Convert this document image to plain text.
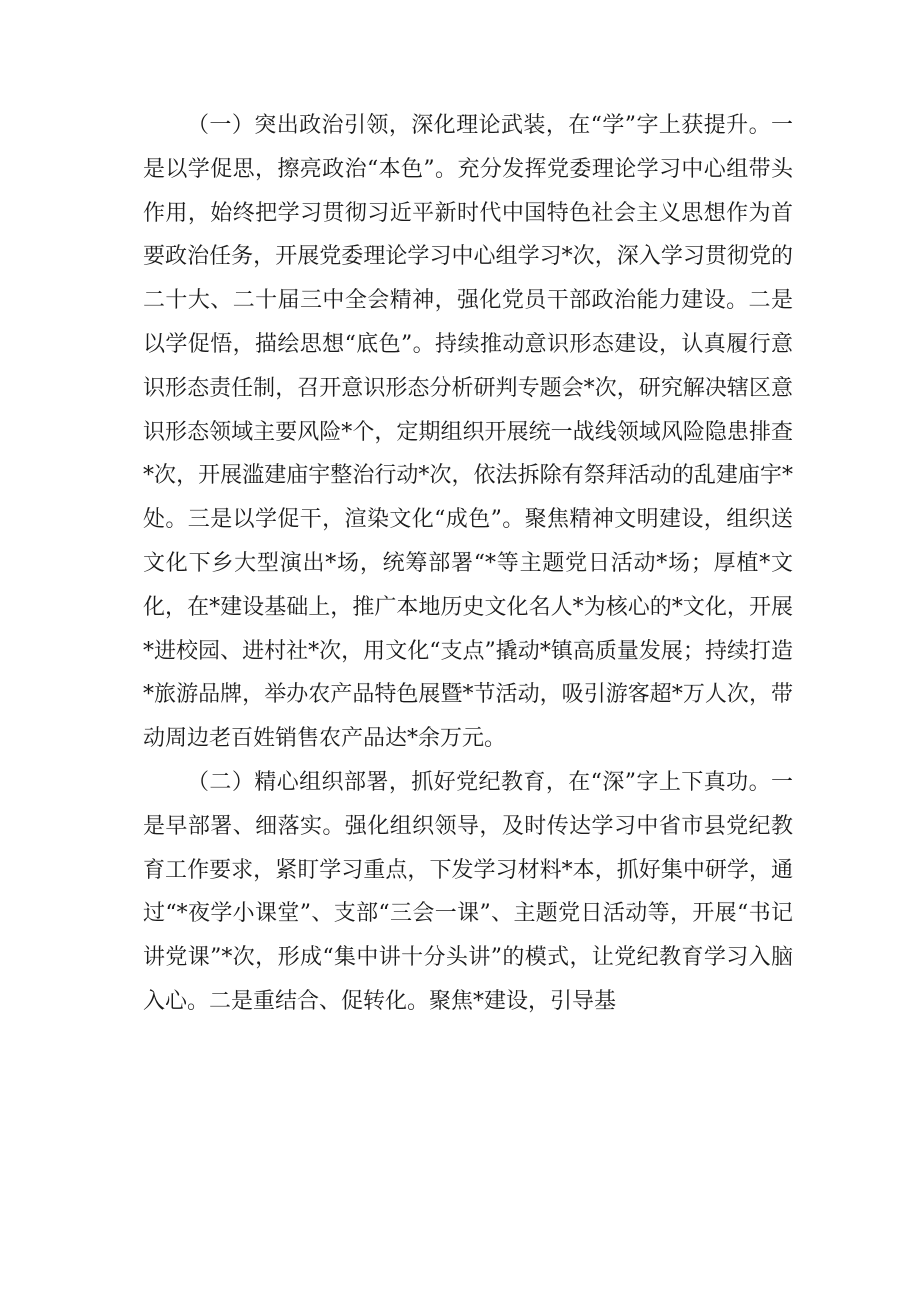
（一）突出政治引领，深化理论武装，在“学”字上获提升。一是以学促思，擦亮政治“本色”。充分发挥党委理论学习中心组带头作用，始终把学习贯彻习近平新时代中国特色社会主义思想作为首要政治任务，开展党委理论学习中心组学习*次，深入学习贯彻党的二十大、二十届三中全会精神，强化党员干部政治能力建设。二是以学促悟，描绘思想“底色”。持续推动意识形态建设，认真履行意识形态责任制，召开意识形态分析研判专题会*次，研究解决辖区意识形态领域主要风险*个，定期组织开展统一战线领域风险隐患排查*次，开展滥建庙宇整治行动*次，依法拆除有祭拜活动的乱建庙宇*处。三是以学促干，渲染文化“成色”。聚焦精神文明建设，组织送文化下乡大型演出*场，统筹部署“*等主题党日活动*场；厚植*文化，在*建设基础上，推广本地历史文化名人*为核心的*文化，开展*进校园、进村社*次，用文化“支点”撬动*镇高质量发展；持续打造*旅游品牌，举办农产品特色展暨*节活动，吸引游客超*万人次，带动周边老百姓销售农产品达*余万元。

（二）精心组织部署，抓好党纪教育，在“深”字上下真功。一是早部署、细落实。强化组织领导，及时传达学习中省市县党纪教育工作要求，紧盯学习重点，下发学习材料*本，抓好集中研学，通过“*夜学小课堂”、支部“三会一课”、主题党日活动等，开展“书记讲党课”*次，形成“集中讲十分头讲”的模式，让党纪教育学习入脑入心。二是重结合、促转化。聚焦*建设，引导基
